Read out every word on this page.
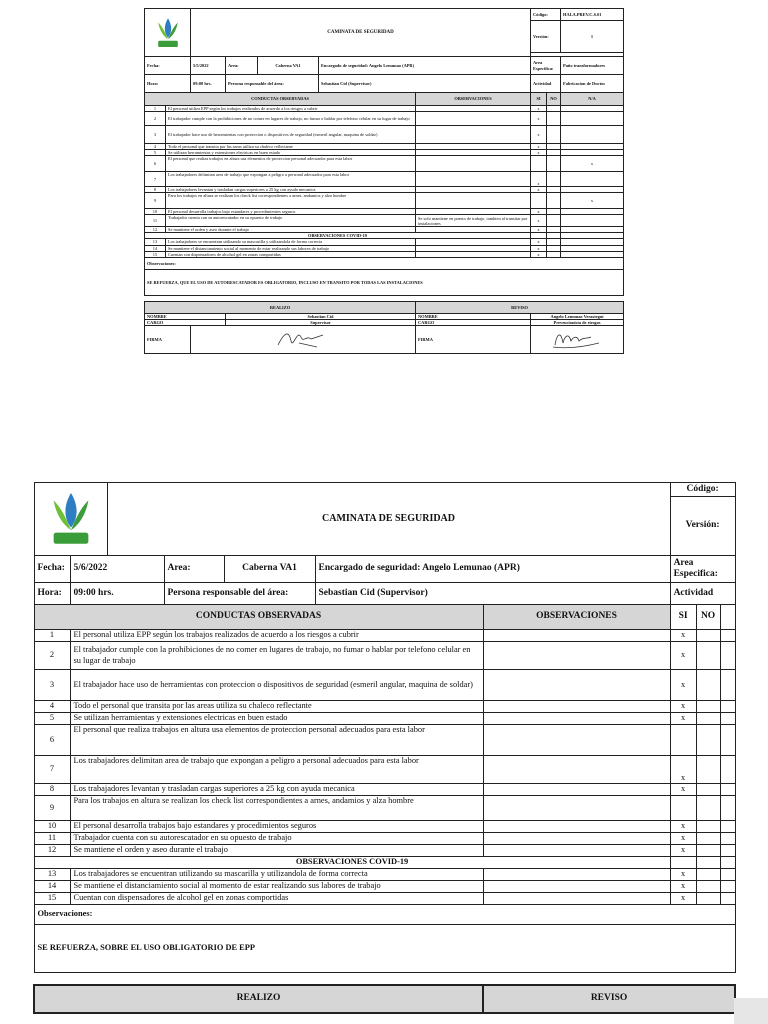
	CAMINATA DE SEGURIDAD					Código:		HALA.PREV.C.S.01
							Versión:		1

Fecha:		5/5/2022	Area:	Caberna VA1	Encargado de seguridad: Angelo Lemunao (APR)		Area Especifica:		Paño transformadores
Hora:		09:00 hrs.	Persona responsable del área:		Sebastian Cid (Supervisor)		Actividad		Fabricacion de Ductos
CONDUCTAS OBSERVADAS						OBSERVACIONES	SI	NO	N/A
1	El personal utiliza EPP según los trabajos realizados de acuerdo a los riesgos a cubrir						x		
2	El trabajador cumple con la prohibiciones de no comer en lugares de trabajo, no fumar o hablar por telefono celular en su lugar de trabajo						x		
3	El trabajador hace uso de herramientas con proteccion o dispositivos de seguridad (esmeril angular, maquina de soldar)						x		
4	Todo el personal que transita por las areas utiliza su chaleco reflectante						x		
5	Se utilizan herramientas y extensiones electricas en buen estado						x		
6	El personal que realiza trabajos en altura usa elementos de proteccion personal adecuados para esta labor								x
7	Los trabajadores delimitan area de trabajo que expongan a peligro a personal adecuados para esta labor						x		
8	Los trabajadores levantan y trasladan cargas superiores a 25 kg con ayuda mecanica						x		
9	Para los trabajos en altura se realizan los check list correspondientes a arnes, andamios y alza hombre								x
10	El personal desarrolla trabajos bajo estandares y procedimientos seguros						x		
11	Trabajador cuenta con su autorescatador en su opuesto de trabajo					Se solo mantiene en puesto de trabajo, tambien al transitar por instalaciones	x		
12	Se mantiene el orden y aseo durante el trabajo						x		
OBSERVACIONES COVID-19									
13	Los trabajadores se encuentran utilizando su mascarilla y utilizandola de forma correcta						x		
14	Se mantiene el distanciamiento social al momento de estar realizando sus labores de trabajo						x		
15	Cuentan con dispensadores de alcohol gel en zonas comportidas						x		
Observaciones:									
SE REFUERZA, QUE EL USO DE AUTORESCATADOR ES OBLIGATORIO, INCLUSO EN TRANSITO POR TODAS LAS INSTALACIONES									

REALIZO						REVISO			
NOMBRE			Sebastian Cid			NOMBRE	Angelo Lemunao Verastegui		
CARGO			Supervisor			CARGO	Prevencionista de riesgos		
FIRMA						FIRMA	
	CAMINATA DE SEGURIDAD					Código:		
							Versión:		
Fecha:	5/6/2022		Area:	Caberna VA1	Encargado de seguridad: Angelo Lemunao (APR)		Area Especifica:		
Hora:	09:00 hrs.		Persona responsable del área:		Sebastian Cid (Supervisor)		Actividad		
CONDUCTAS OBSERVADAS						OBSERVACIONES	SI	NO	
1	El personal utiliza EPP según los trabajos realizados de acuerdo a los riesgos a cubrir						x		
2	El trabajador cumple con la prohibiciones de no comer en lugares de trabajo, no fumar o hablar por telefono celular en su lugar de trabajo						x		
3	El trabajador hace uso de herramientas con proteccion o dispositivos de seguridad (esmeril angular, maquina de soldar)						x		
4	Todo el personal que transita por las areas utiliza su chaleco reflectante						x		
5	Se utilizan herramientas y extensiones electricas en buen estado						x		
6	El personal que realiza trabajos en altura usa elementos de proteccion personal adecuados para esta labor								
7	Los trabajadores delimitan area de trabajo que expongan a peligro a personal adecuados para esta labor						x		
8	Los trabajadores levantan y trasladan cargas superiores a 25 kg con ayuda mecanica						x		
9	Para los trabajos en altura se realizan los check list correspondientes a arnes, andamios y alza hombre								
10	El personal desarrolla trabajos bajo estandares y procedimientos seguros						x		
11	Trabajador cuenta con su autorescatador en su opuesto de trabajo						x		
12	Se mantiene el orden y aseo durante el trabajo						x		
OBSERVACIONES COVID-19									
13	Los trabajadores se encuentran utilizando su mascarilla y utilizandola de forma correcta						x		
14	Se mantiene el distanciamiento social al momento de estar realizando sus labores de trabajo						x		
15	Cuentan con dispensadores de alcohol gel en zonas comportidas						x		
Observaciones:									
SE REFUERZA, SOBRE EL USO OBLIGATORIO DE EPP									

REALIZO						REVISO			
